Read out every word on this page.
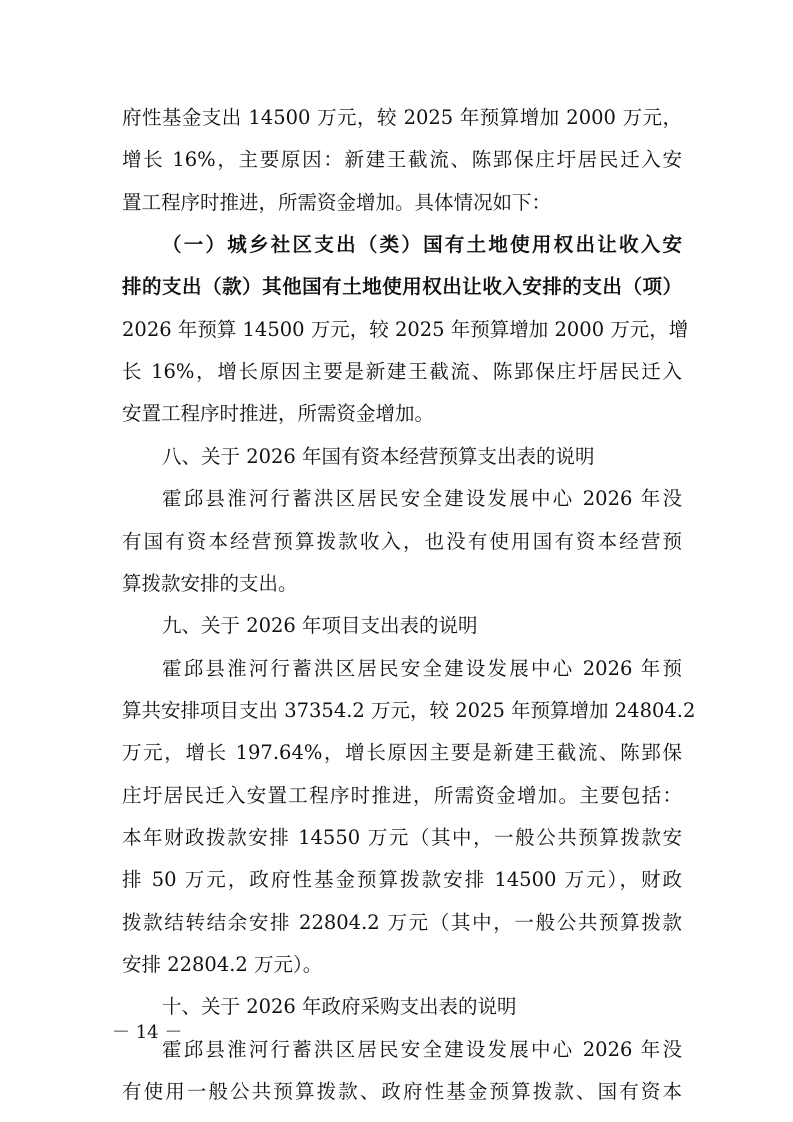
府性基金支出 14500 万元，较 2025 年预算增加 2000 万元，
增长 16%，主要原因：新建王截流、陈郢保庄圩居民迁入安
置工程序时推进，所需资金增加。具体情况如下：
（一）城乡社区支出（类）国有土地使用权出让收入安
排的支出（款）其他国有土地使用权出让收入安排的支出（项）
2026 年预算 14500 万元，较 2025 年预算增加 2000 万元，增
长 16%，增长原因主要是新建王截流、陈郢保庄圩居民迁入
安置工程序时推进，所需资金增加。
八、关于 2026 年国有资本经营预算支出表的说明
霍邱县淮河行蓄洪区居民安全建设发展中心 2026 年没
有国有资本经营预算拨款收入，也没有使用国有资本经营预
算拨款安排的支出。
九、关于 2026 年项目支出表的说明
霍邱县淮河行蓄洪区居民安全建设发展中心 2026 年预
算共安排项目支出 37354.2 万元，较 2025 年预算增加 24804.2
万元，增长 197.64%，增长原因主要是新建王截流、陈郢保
庄圩居民迁入安置工程序时推进，所需资金增加。主要包括：
本年财政拨款安排 14550 万元（其中，一般公共预算拨款安
排 50 万元，政府性基金预算拨款安排 14500 万元），财政
拨款结转结余安排 22804.2 万元（其中，一般公共预算拨款
安排 22804.2 万元）。
十、关于 2026 年政府采购支出表的说明
霍邱县淮河行蓄洪区居民安全建设发展中心 2026 年没
有使用一般公共预算拨款、政府性基金预算拨款、国有资本
－ 14 －
